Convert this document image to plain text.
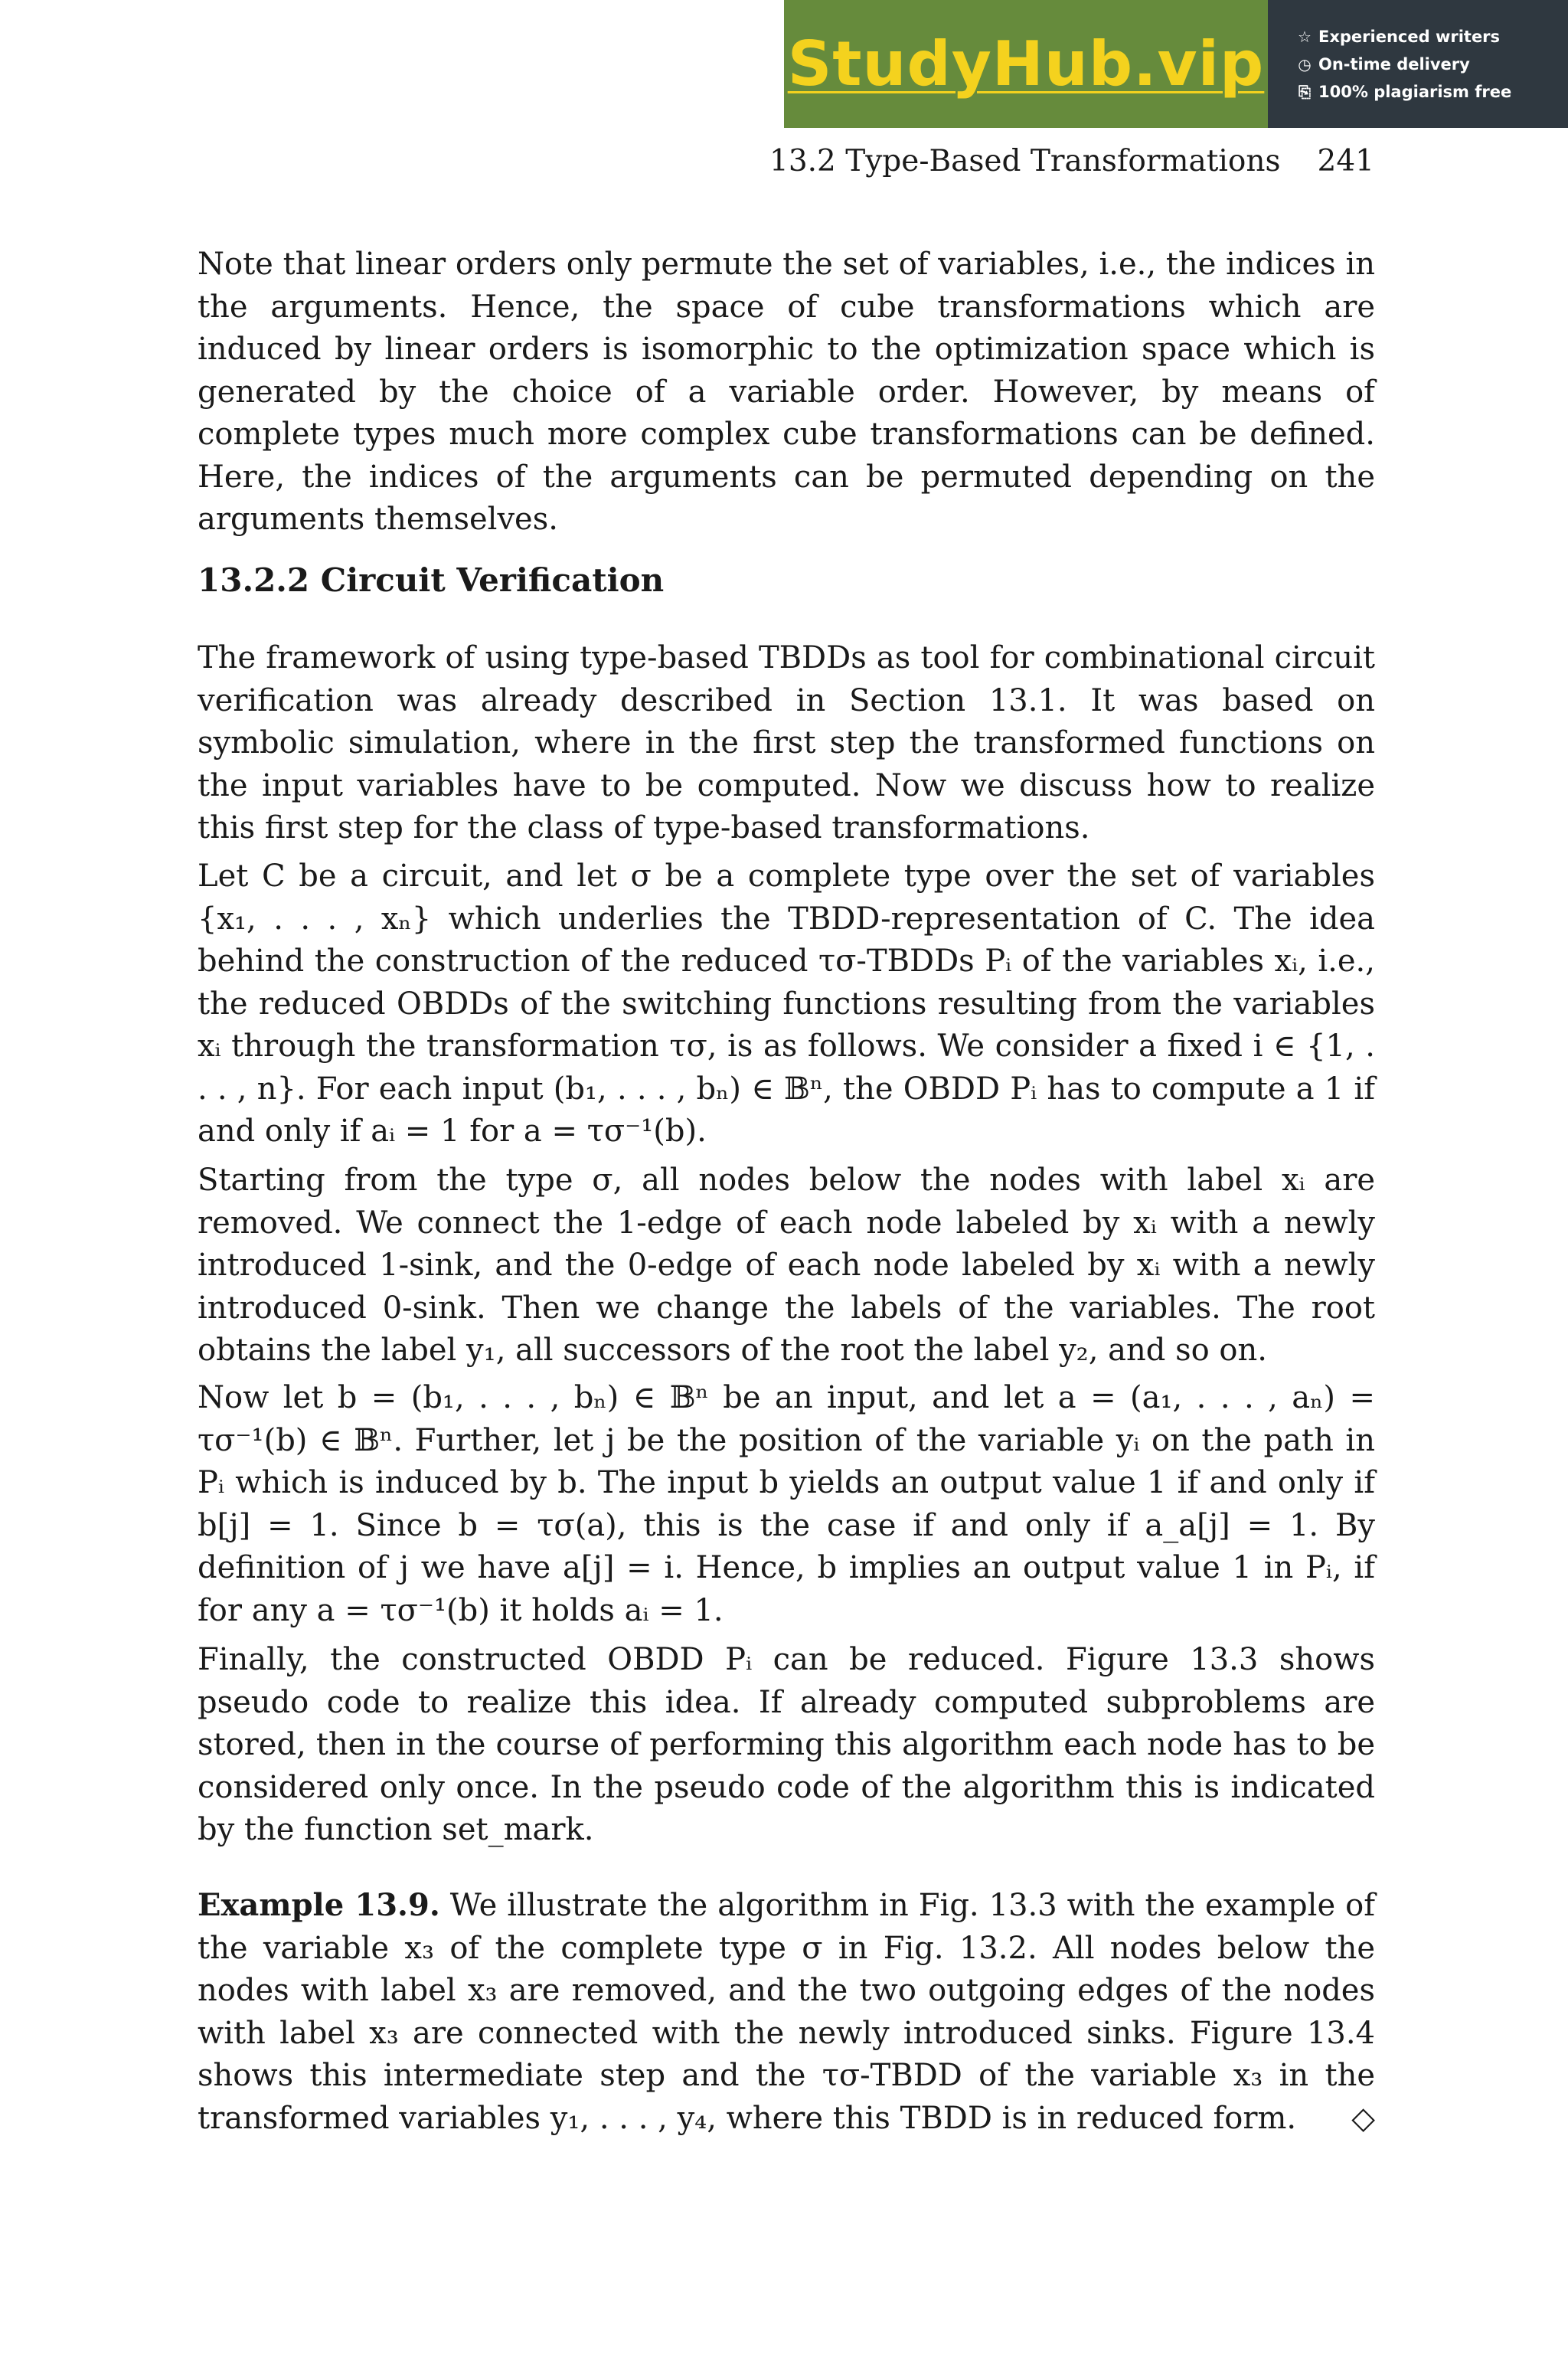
StudyHub.vip ☆ Experienced writers
◷ On-time delivery
⎘ 100% plagiarism free
13.2 Type-Based Transformations 241

Note that linear orders only permute the set of variables, i.e., the indices in the arguments. Hence, the space of cube transformations which are induced by linear orders is isomorphic to the optimization space which is generated by the choice of a variable order. However, by means of complete types much more complex cube transformations can be defined. Here, the indices of the arguments can be permuted depending on the arguments themselves.

13.2.2 Circuit Verification

The framework of using type-based TBDDs as tool for combinational circuit verification was already described in Section 13.1. It was based on symbolic simulation, where in the first step the transformed functions on the input variables have to be computed. Now we discuss how to realize this first step for the class of type-based transformations.

Let C be a circuit, and let σ be a complete type over the set of variables {x₁, . . . , xₙ} which underlies the TBDD-representation of C. The idea behind the construction of the reduced τσ-TBDDs Pᵢ of the variables xᵢ, i.e., the reduced OBDDs of the switching functions resulting from the variables xᵢ through the transformation τσ, is as follows. We consider a fixed i ∈ {1, . . . , n}. For each input (b₁, . . . , bₙ) ∈ 𝔹ⁿ, the OBDD Pᵢ has to compute a 1 if and only if aᵢ = 1 for a = τσ⁻¹(b).

Starting from the type σ, all nodes below the nodes with label xᵢ are removed. We connect the 1-edge of each node labeled by xᵢ with a newly introduced 1-sink, and the 0-edge of each node labeled by xᵢ with a newly introduced 0-sink. Then we change the labels of the variables. The root obtains the label y₁, all successors of the root the label y₂, and so on.

Now let b = (b₁, . . . , bₙ) ∈ 𝔹ⁿ be an input, and let a = (a₁, . . . , aₙ) = τσ⁻¹(b) ∈ 𝔹ⁿ. Further, let j be the position of the variable yᵢ on the path in Pᵢ which is induced by b. The input b yields an output value 1 if and only if b[j] = 1. Since b = τσ(a), this is the case if and only if a_a[j] = 1. By definition of j we have a[j] = i. Hence, b implies an output value 1 in Pᵢ, if for any a = τσ⁻¹(b) it holds aᵢ = 1.

Finally, the constructed OBDD Pᵢ can be reduced. Figure 13.3 shows pseudo code to realize this idea. If already computed subproblems are stored, then in the course of performing this algorithm each node has to be considered only once. In the pseudo code of the algorithm this is indicated by the function set_mark.

Example 13.9. We illustrate the algorithm in Fig. 13.3 with the example of the variable x₃ of the complete type σ in Fig. 13.2. All nodes below the nodes with label x₃ are removed, and the two outgoing edges of the nodes with label x₃ are connected with the newly introduced sinks. Figure 13.4 shows this intermediate step and the τσ-TBDD of the variable x₃ in the transformed variables y₁, . . . , y₄, where this TBDD is in reduced form. ◇
